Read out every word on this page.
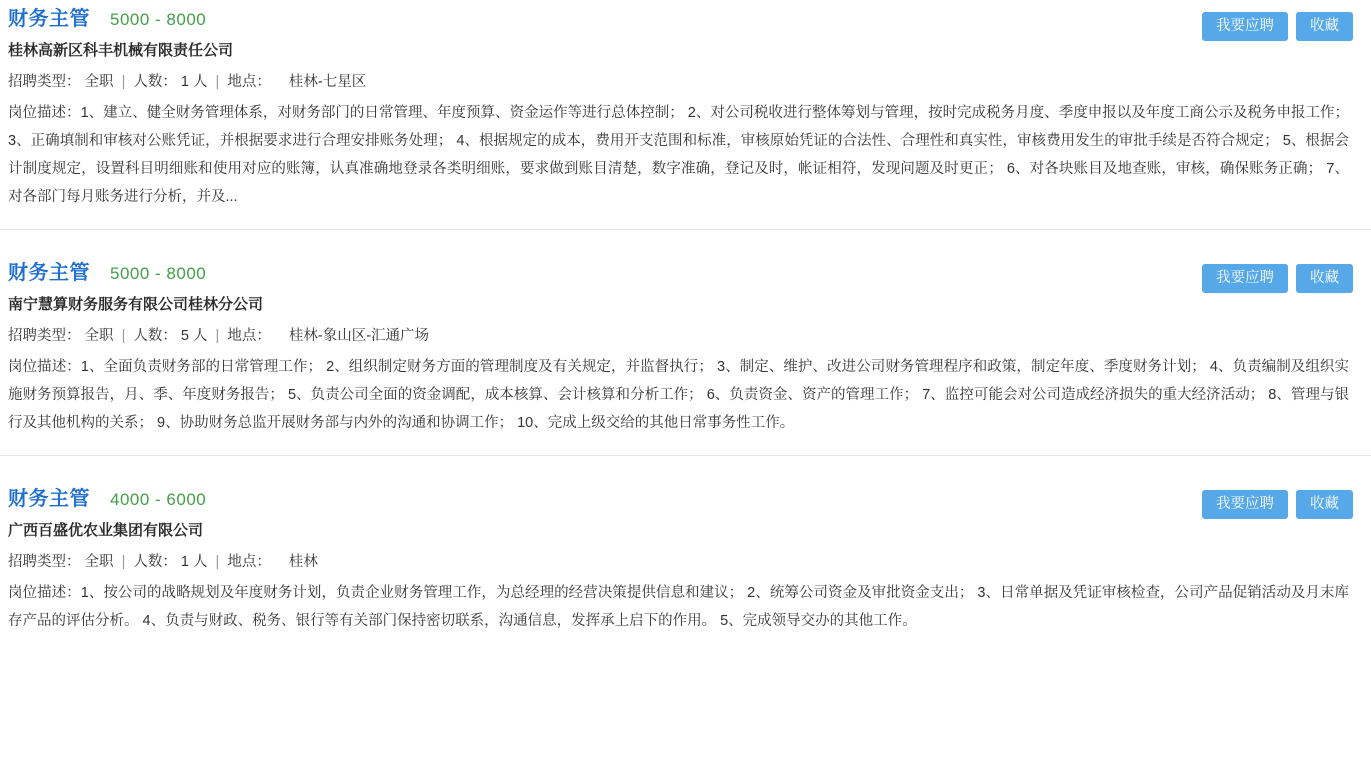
财务主管 5000 - 8000
桂林高新区科丰机械有限责任公司
招聘类型： 全职 | 人数： 1 人 | 地点： 桂林-七星区
岗位描述：1、建立、健全财务管理体系，对财务部门的日常管理、年度预算、资金运作等进行总体控制； 2、对公司税收进行整体筹划与管理，按时完成税务月度、季度申报以及年度工商公示及税务申报工作； 3、正确填制和审核对公账凭证，并根据要求进行合理安排账务处理； 4、根据规定的成本，费用开支范围和标准，审核原始凭证的合法性、合理性和真实性，审核费用发生的审批手续是否符合规定； 5、根据会计制度规定，设置科目明细账和使用对应的账簿，认真准确地登录各类明细账，要求做到账目清楚，数字准确，登记及时，帐证相符，发现问题及时更正； 6、对各块账目及地查账，审核，确保账务正确； 7、对各部门每月账务进行分析，并及...
我要应聘	收藏
财务主管 5000 - 8000
南宁慧算财务服务有限公司桂林分公司
招聘类型： 全职 | 人数： 5 人 | 地点： 桂林-象山区-汇通广场
岗位描述：1、全面负责财务部的日常管理工作； 2、组织制定财务方面的管理制度及有关规定，并监督执行； 3、制定、维护、改进公司财务管理程序和政策，制定年度、季度财务计划； 4、负责编制及组织实施财务预算报告，月、季、年度财务报告； 5、负责公司全面的资金调配，成本核算、会计核算和分析工作； 6、负责资金、资产的管理工作； 7、监控可能会对公司造成经济损失的重大经济活动； 8、管理与银行及其他机构的关系； 9、协助财务总监开展财务部与内外的沟通和协调工作； 10、完成上级交给的其他日常事务性工作。
我要应聘	收藏
财务主管 4000 - 6000
广西百盛优农业集团有限公司
招聘类型： 全职 | 人数： 1 人 | 地点： 桂林
岗位描述：1、按公司的战略规划及年度财务计划，负责企业财务管理工作，为总经理的经营决策提供信息和建议； 2、统筹公司资金及审批资金支出； 3、日常单据及凭证审核检查，公司产品促销活动及月末库存产品的评估分析。 4、负责与财政、税务、银行等有关部门保持密切联系，沟通信息，发挥承上启下的作用。 5、完成领导交办的其他工作。
我要应聘	收藏
